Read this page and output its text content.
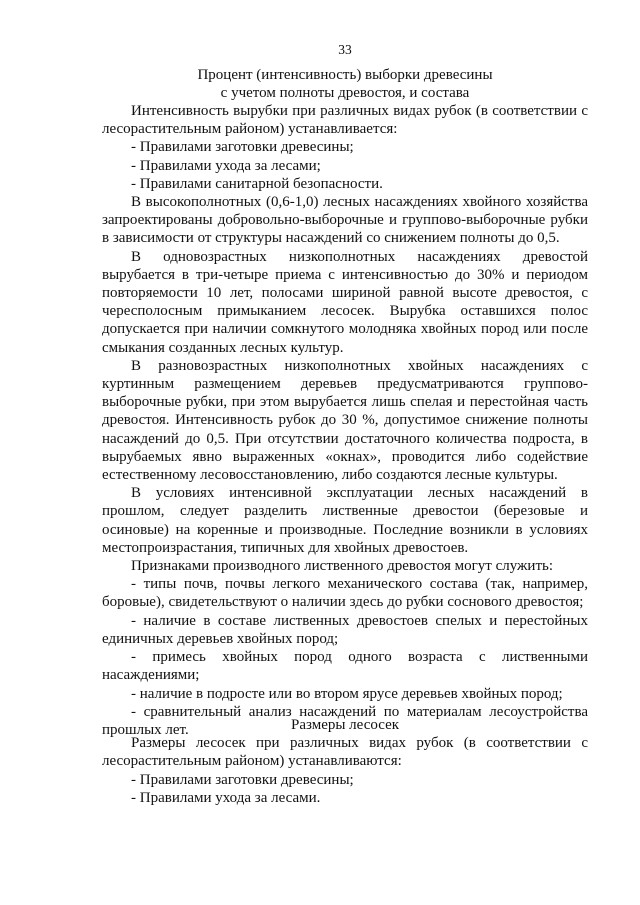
33
Процент (интенсивность) выборки древесины
с учетом полноты древостоя, и состава

Интенсивность вырубки при различных видах рубок (в соответствии с лесорастительным районом) устанавливается:

- Правилами заготовки древесины;

- Правилами ухода за лесами;

- Правилами санитарной безопасности.

В высокополнотных (0,6-1,0) лесных насаждениях хвойного хозяйства запроектированы добровольно-выборочные и группово-выборочные рубки в зависимости от структуры насаждений со снижением полноты до 0,5.

В одновозрастных низкополнотных насаждениях древостой вырубается в три-четыре приема с интенсивностью до 30% и периодом повторяемости 10 лет, полосами шириной равной высоте древостоя, с чересполосным примыканием лесосек. Вырубка оставшихся полос допускается при наличии сомкнутого молодняка хвойных пород или после смыкания созданных лесных культур.

В разновозрастных низкополнотных хвойных насаждениях с куртинным размещением деревьев предусматриваются группово-выборочные рубки, при этом вырубается лишь спелая и перестойная часть древостоя. Интенсивность рубок до 30 %, допустимое снижение полноты насаждений до 0,5. При отсутствии достаточного количества подроста, в вырубаемых явно выраженных «окнах», проводится либо содействие естественному лесовосстановлению, либо создаются лесные культуры.

В условиях интенсивной эксплуатации лесных насаждений в прошлом, следует разделить лиственные древостои (березовые и осиновые) на коренные и производные. Последние возникли в условиях местопроизрастания, типичных для хвойных древостоев.

Признаками производного лиственного древостоя могут служить:

- типы почв, почвы легкого механического состава (так, например, боровые), свидетельствуют о наличии здесь до рубки соснового древостоя;

- наличие в составе лиственных древостоев спелых и перестойных единичных деревьев хвойных пород;

- примесь хвойных пород одного возраста с лиственными насаждениями;

- наличие в подросте или во втором ярусе деревьев хвойных пород;

- сравнительный анализ насаждений по материалам лесоустройства прошлых лет.	Размеры лесосек

Размеры лесосек при различных видах рубок (в соответствии с лесорастительным районом) устанавливаются:

- Правилами заготовки древесины;

- Правилами ухода за лесами.
